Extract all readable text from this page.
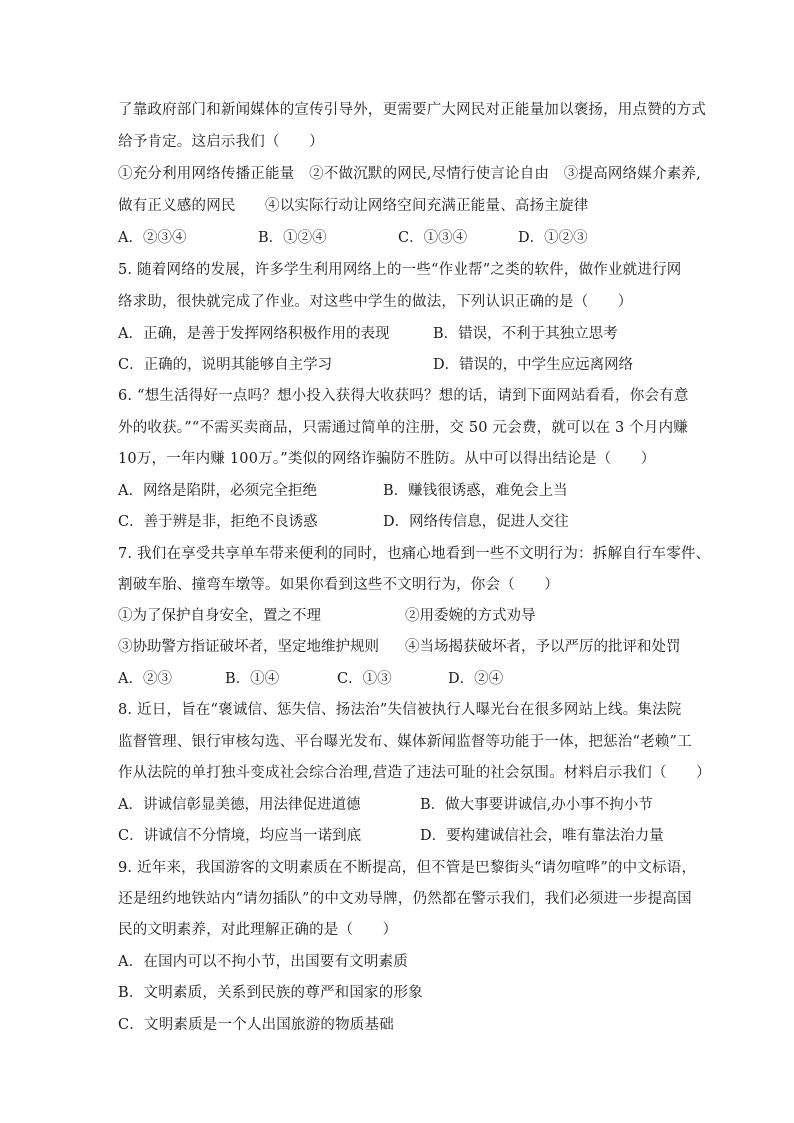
了靠政府部门和新闻媒体的宣传引导外，更需要广大网民对正能量加以褒扬，用点赞的方式
给予肯定。这启示我们（　　）
①充分利用网络传播正能量　②不做沉默的网民,尽情行使言论自由　③提高网络媒介素养,
做有正义感的网民　　④以实际行动让网络空间充满正能量、高扬主旋律
A．②③④	B．①②④	C．①③④	D．①②③
5. 随着网络的发展，许多学生利用网络上的一些“作业帮”之类的软件，做作业就进行网
络求助，很快就完成了作业。对这些中学生的做法，下列认识正确的是（　　）
A．正确，是善于发挥网络积极作用的表现	B．错误，不利于其独立思考
C．正确的，说明其能够自主学习	D．错误的，中学生应远离网络
6. “想生活得好一点吗？想小投入获得大收获吗？想的话，请到下面网站看看，你会有意
外的收获。”“不需买卖商品，只需通过简单的注册，交 50 元会费，就可以在 3 个月内赚
10万，一年内赚 100万。”类似的网络诈骗防不胜防。从中可以得出结论是（　　）
A．网络是陷阱，必须完全拒绝	B．赚钱很诱惑，难免会上当
C．善于辨是非，拒绝不良诱惑	D．网络传信息，促进人交往
7. 我们在享受共享单车带来便利的同时，也痛心地看到一些不文明行为：拆解自行车零件、
割破车胎、撞弯车墩等。如果你看到这些不文明行为，你会（　　）
①为了保护自身安全，置之不理	②用委婉的方式劝导
③协助警方指证破坏者，坚定地维护规则 ④当场揭获破坏者，予以严厉的批评和处罚
A．②③	B．①④	C．①③	D．②④
8. 近日，旨在“褒诚信、惩失信、扬法治”失信被执行人曝光台在很多网站上线。集法院
监督管理、银行审核勾选、平台曝光发布、媒体新闻监督等功能于一体，把惩治“老赖”工
作从法院的单打独斗变成社会综合治理,营造了违法可耻的社会氛围。材料启示我们（　　）
A．讲诚信彰显美德，用法律促进道德	B．做大事要讲诚信,办小事不拘小节
C．讲诚信不分情境，均应当一诺到底	D．要构建诚信社会，唯有靠法治力量
9. 近年来，我国游客的文明素质在不断提高，但不管是巴黎街头“请勿喧哗”的中文标语，
还是纽约地铁站内“请勿插队”的中文劝导牌，仍然都在警示我们，我们必须进一步提高国
民的文明素养，对此理解正确的是（　　）
A．在国内可以不拘小节，出国要有文明素质
B．文明素质，关系到民族的尊严和国家的形象
C．文明素质是一个人出国旅游的物质基础
